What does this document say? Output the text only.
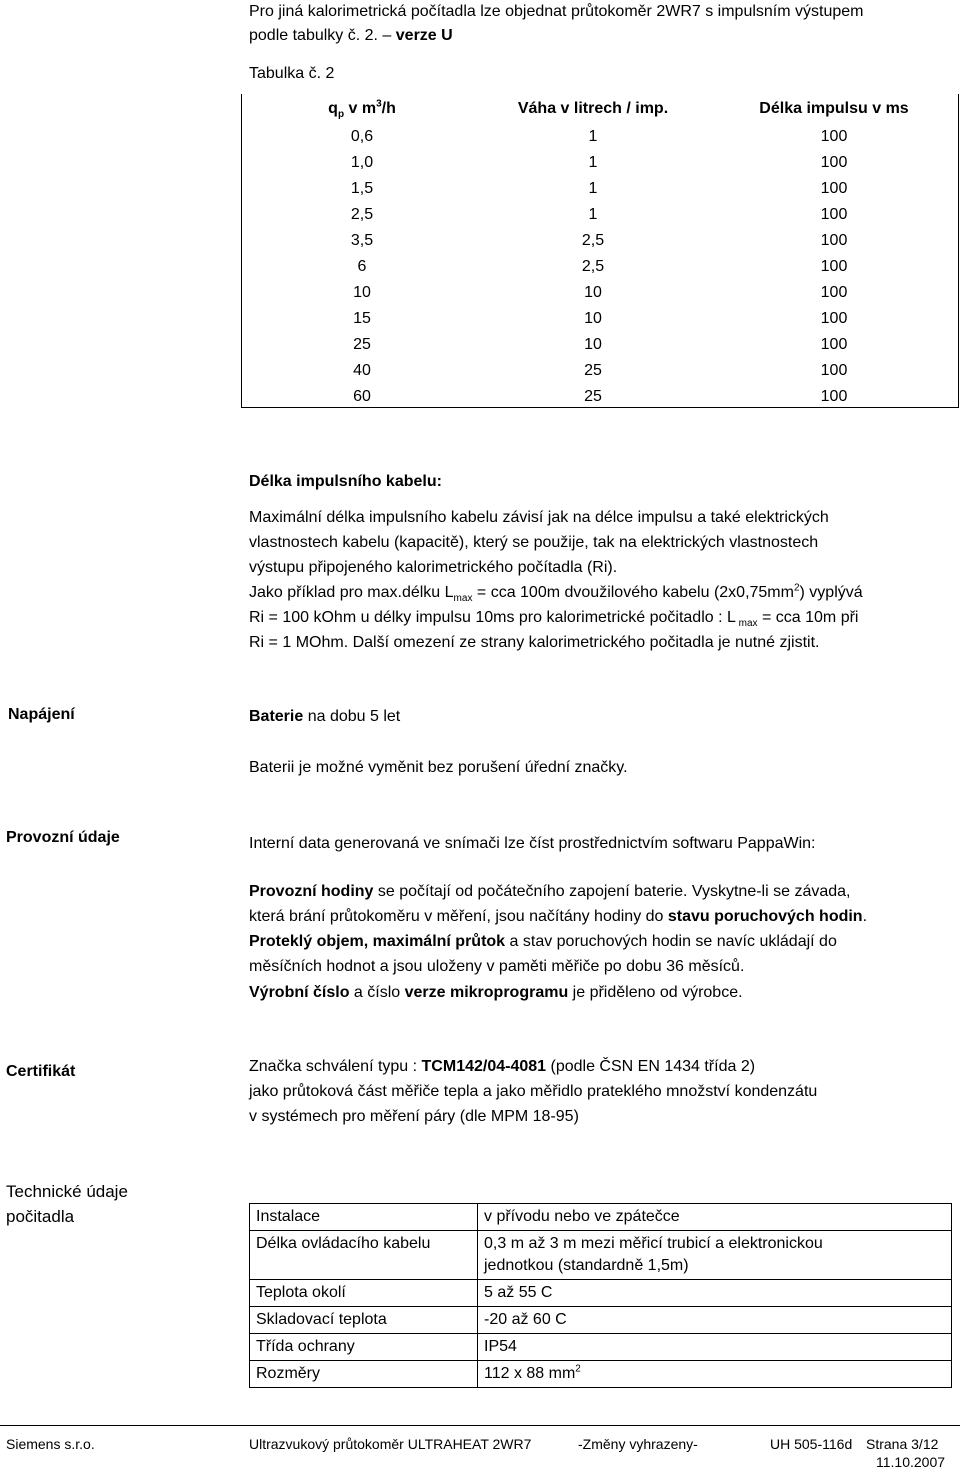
Pro jiná kalorimetrická počítadla lze objednat průtokoměr 2WR7 s impulsním výstupem
podle tabulky č. 2. – verze U
Tabulka č. 2
$q_p$ v $m^3/h$	Váha v litrech / imp.	Délka impulsu v ms
0,6	1	100
1,0	1	100
1,5	1	100
2,5	1	100
3,5	2,5	100
6	2,5	100
10	10	100
15	10	100
25	10	100
40	25	100
60	25	100
Délka impulsního kabelu:
Maximální délka impulsního kabelu závisí jak na délce impulsu a také elektrických
vlastnostech kabelu (kapacitě), který se použije, tak na elektrických vlastnostech
výstupu připojeného kalorimetrického počítadla (Ri).
Jako příklad pro max.délku $L_{max}$ = cca 100m dvoužilového kabelu $(2x0,75mm^2)$ vyplývá
Ri = 100 kOhm u délky impulsu 10ms pro kalorimetrické počitadlo : L $_{max}$ = cca 10m při
Ri = 1 MOhm. Další omezení ze strany kalorimetrického počitadla je nutné zjistit.
Napájení	Baterie na dobu 5 let
Baterii je možné vyměnit bez porušení úřední značky.
Provozní údaje	Interní data generovaná ve snímači lze číst prostřednictvím softwaru PappaWin:
Provozní hodiny se počítají od počátečního zapojení baterie. Vyskytne-li se závada,
která brání průtokoměru v měření, jsou načítány hodiny do stavu poruchových hodin.
Proteklý objem, maximální průtok a stav poruchových hodin se navíc ukládají do
měsíčních hodnot a jsou uloženy v paměti měřiče po dobu 36 měsíců.
Výrobní číslo a číslo verze mikroprogramu je přiděleno od výrobce.
Certifikát	Značka schválení typu : TCM142/04-4081 (podle ČSN EN 1434 třída 2)
jako průtoková část měřiče tepla a jako měřidlo prateklého množství kondenzátu
v systémech pro měření páry (dle MPM 18-95)
Technické údaje
počitadla	Instalace	v přívodu nebo ve zpátečce
Délka ovládacího kabelu	0,3 m až 3 m mezi měřicí trubicí a elektronickou
jednotkou (standardně 1,5m)

Teplota okolí	5 až 55 C
Skladovací teplota	-20 až 60 C
Třída ochrany	IP54
Rozměry	112 x 88 $mm^2$
Siemens s.r.o.	Ultrazvukový průtokoměr ULTRAHEAT 2WR7	-Změny vyhrazeny-	UH 505-116d Strana 3/12
11.10.2007
